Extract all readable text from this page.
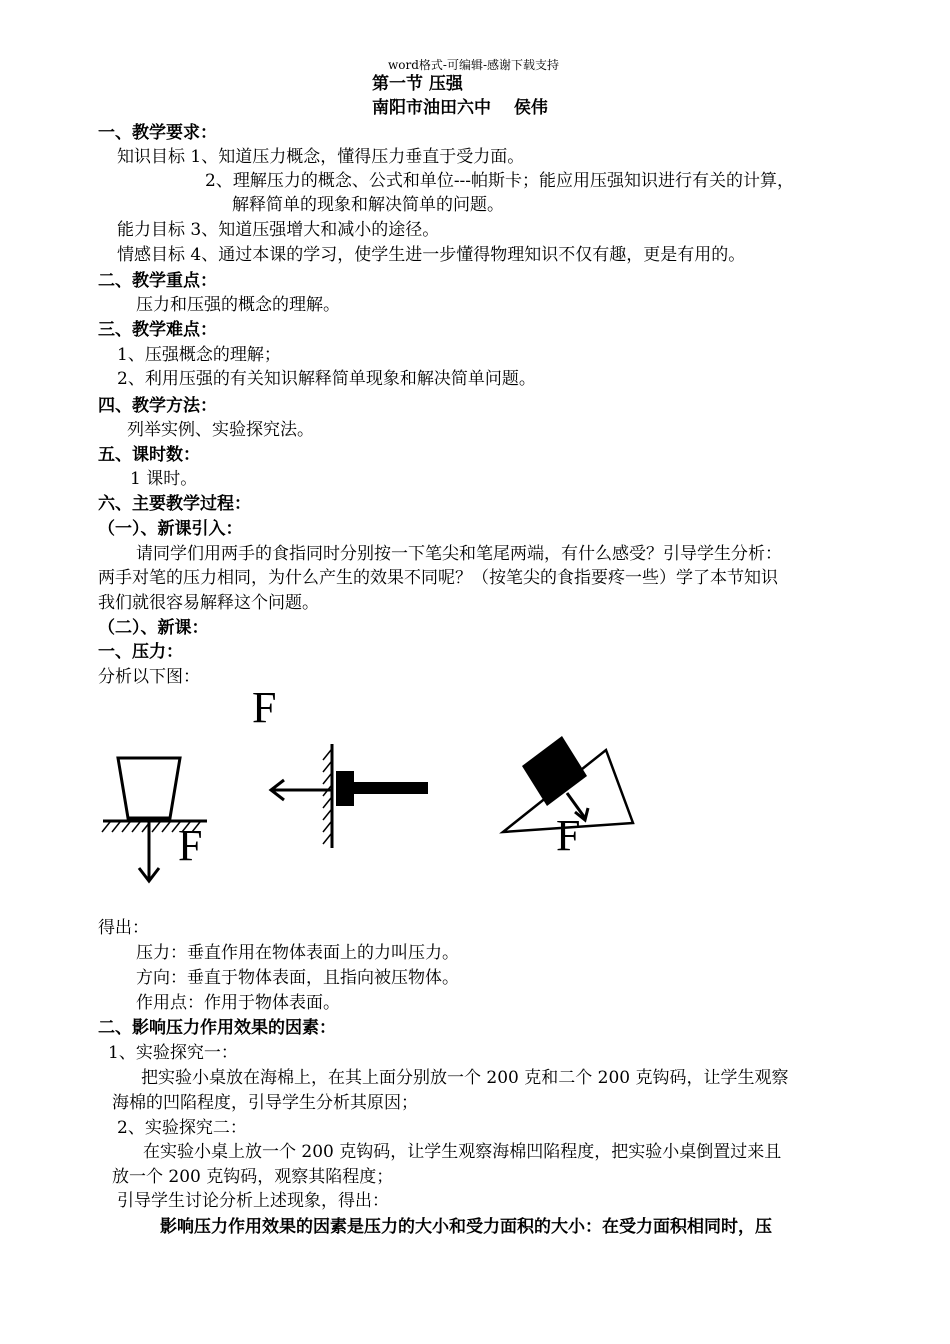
word格式-可编辑-感谢下载支持
第一节 压强
南阳市油田六中　 侯伟
一、教学要求：
知识目标 1、知道压力概念，懂得压力垂直于受力面。
2、理解压力的概念、公式和单位---帕斯卡；能应用压强知识进行有关的计算，
解释简单的现象和解决简单的问题。
能力目标 3、知道压强增大和减小的途径。
情感目标 4、通过本课的学习，使学生进一步懂得物理知识不仅有趣，更是有用的。
二、教学重点：
压力和压强的概念的理解。
三、教学难点：
1、压强概念的理解；
2、利用压强的有关知识解释简单现象和解决简单问题。
四、教学方法：
列举实例、实验探究法。
五、课时数：
1 课时。
六、主要教学过程：
（一）、新课引入：
请同学们用两手的食指同时分别按一下笔尖和笔尾两端，有什么感受？引导学生分析：
两手对笔的压力相同，为什么产生的效果不同呢？（按笔尖的食指要疼一些）学了本节知识
我们就很容易解释这个问题。
（二）、新课：
一、压力：
分析以下图：
F
F	F
得出：
压力：垂直作用在物体表面上的力叫压力。
方向：垂直于物体表面，且指向被压物体。
作用点：作用于物体表面。
二、影响压力作用效果的因素：
1、实验探究一：
把实验小桌放在海棉上，在其上面分别放一个 200 克和二个 200 克钩码，让学生观察
海棉的凹陷程度，引导学生分析其原因；
2、实验探究二：
在实验小桌上放一个 200 克钩码，让学生观察海棉凹陷程度，把实验小桌倒置过来且
放一个 200 克钩码，观察其陷程度；
引导学生讨论分析上述现象，得出：
影响压力作用效果的因素是压力的大小和受力面积的大小：在受力面积相同时，压
